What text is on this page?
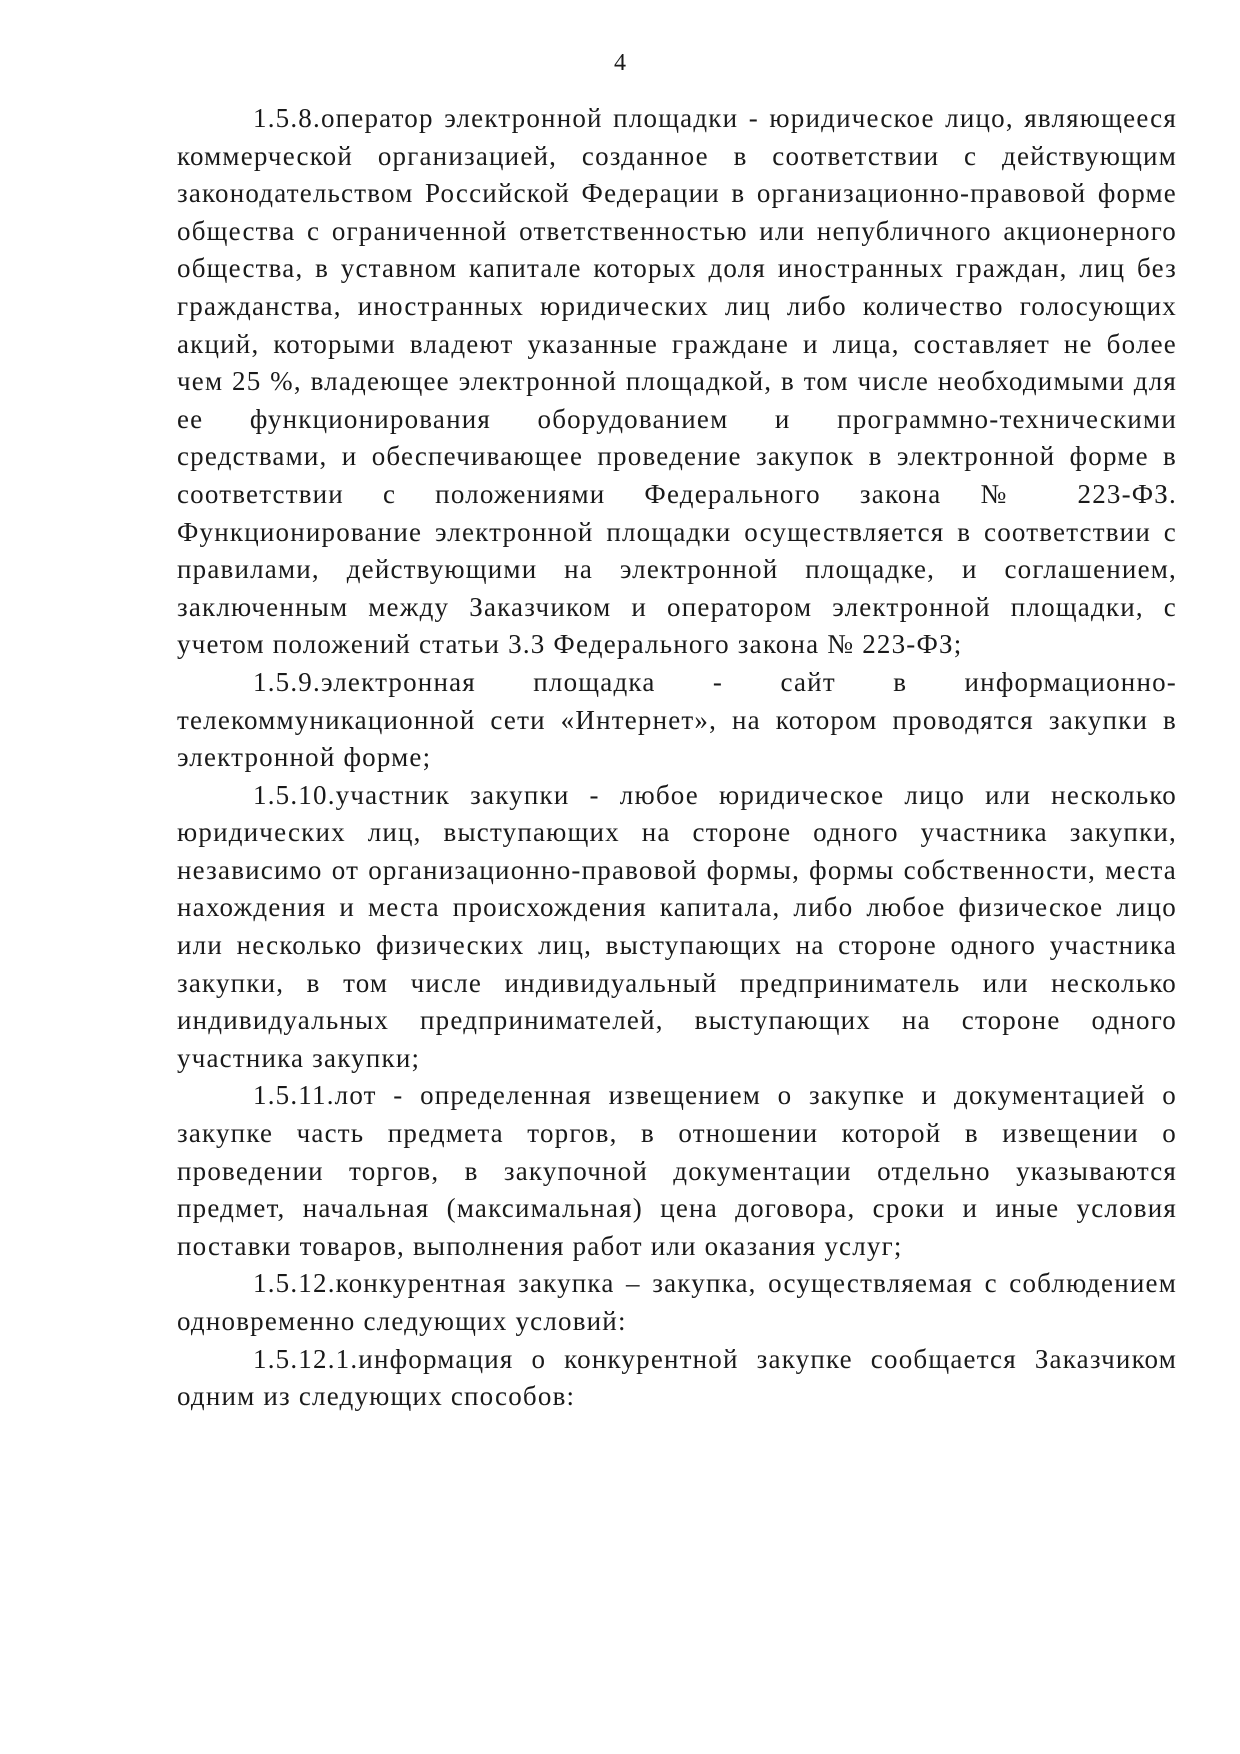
4

1.5.8.оператор электронной площадки - юридическое лицо, являющееся коммерческой организацией, созданное в соответствии с действующим законодательством Российской Федерации в организационно-правовой форме общества с ограниченной ответственностью или непубличного акционерного общества, в уставном капитале которых доля иностранных граждан, лиц без гражданства, иностранных юридических лиц либо количество голосующих акций, которыми владеют указанные граждане и лица, составляет не более чем 25 %, владеющее электронной площадкой, в том числе необходимыми для ее функционирования оборудованием и программно-техническими средствами, и обеспечивающее проведение закупок в электронной форме в соответствии с положениями Федерального закона № 223-ФЗ. Функционирование электронной площадки осуществляется в соответствии с правилами, действующими на электронной площадке, и соглашением, заключенным между Заказчиком и оператором электронной площадки, с учетом положений статьи 3.3 Федерального закона № 223-ФЗ;

1.5.9.электронная площадка - сайт в информационно-телекоммуникационной сети «Интернет», на котором проводятся закупки в электронной форме;

1.5.10.участник закупки - любое юридическое лицо или несколько юридических лиц, выступающих на стороне одного участника закупки, независимо от организационно-правовой формы, формы собственности, места нахождения и места происхождения капитала, либо любое физическое лицо или несколько физических лиц, выступающих на стороне одного участника закупки, в том числе индивидуальный предприниматель или несколько индивидуальных предпринимателей, выступающих на стороне одного участника закупки;

1.5.11.лот - определенная извещением о закупке и документацией о закупке часть предмета торгов, в отношении которой в извещении о проведении торгов, в закупочной документации отдельно указываются предмет, начальная (максимальная) цена договора, сроки и иные условия поставки товаров, выполнения работ или оказания услуг;

1.5.12.конкурентная закупка – закупка, осуществляемая с соблюдением одновременно следующих условий:

1.5.12.1.информация о конкурентной закупке сообщается Заказчиком одним из следующих способов:
